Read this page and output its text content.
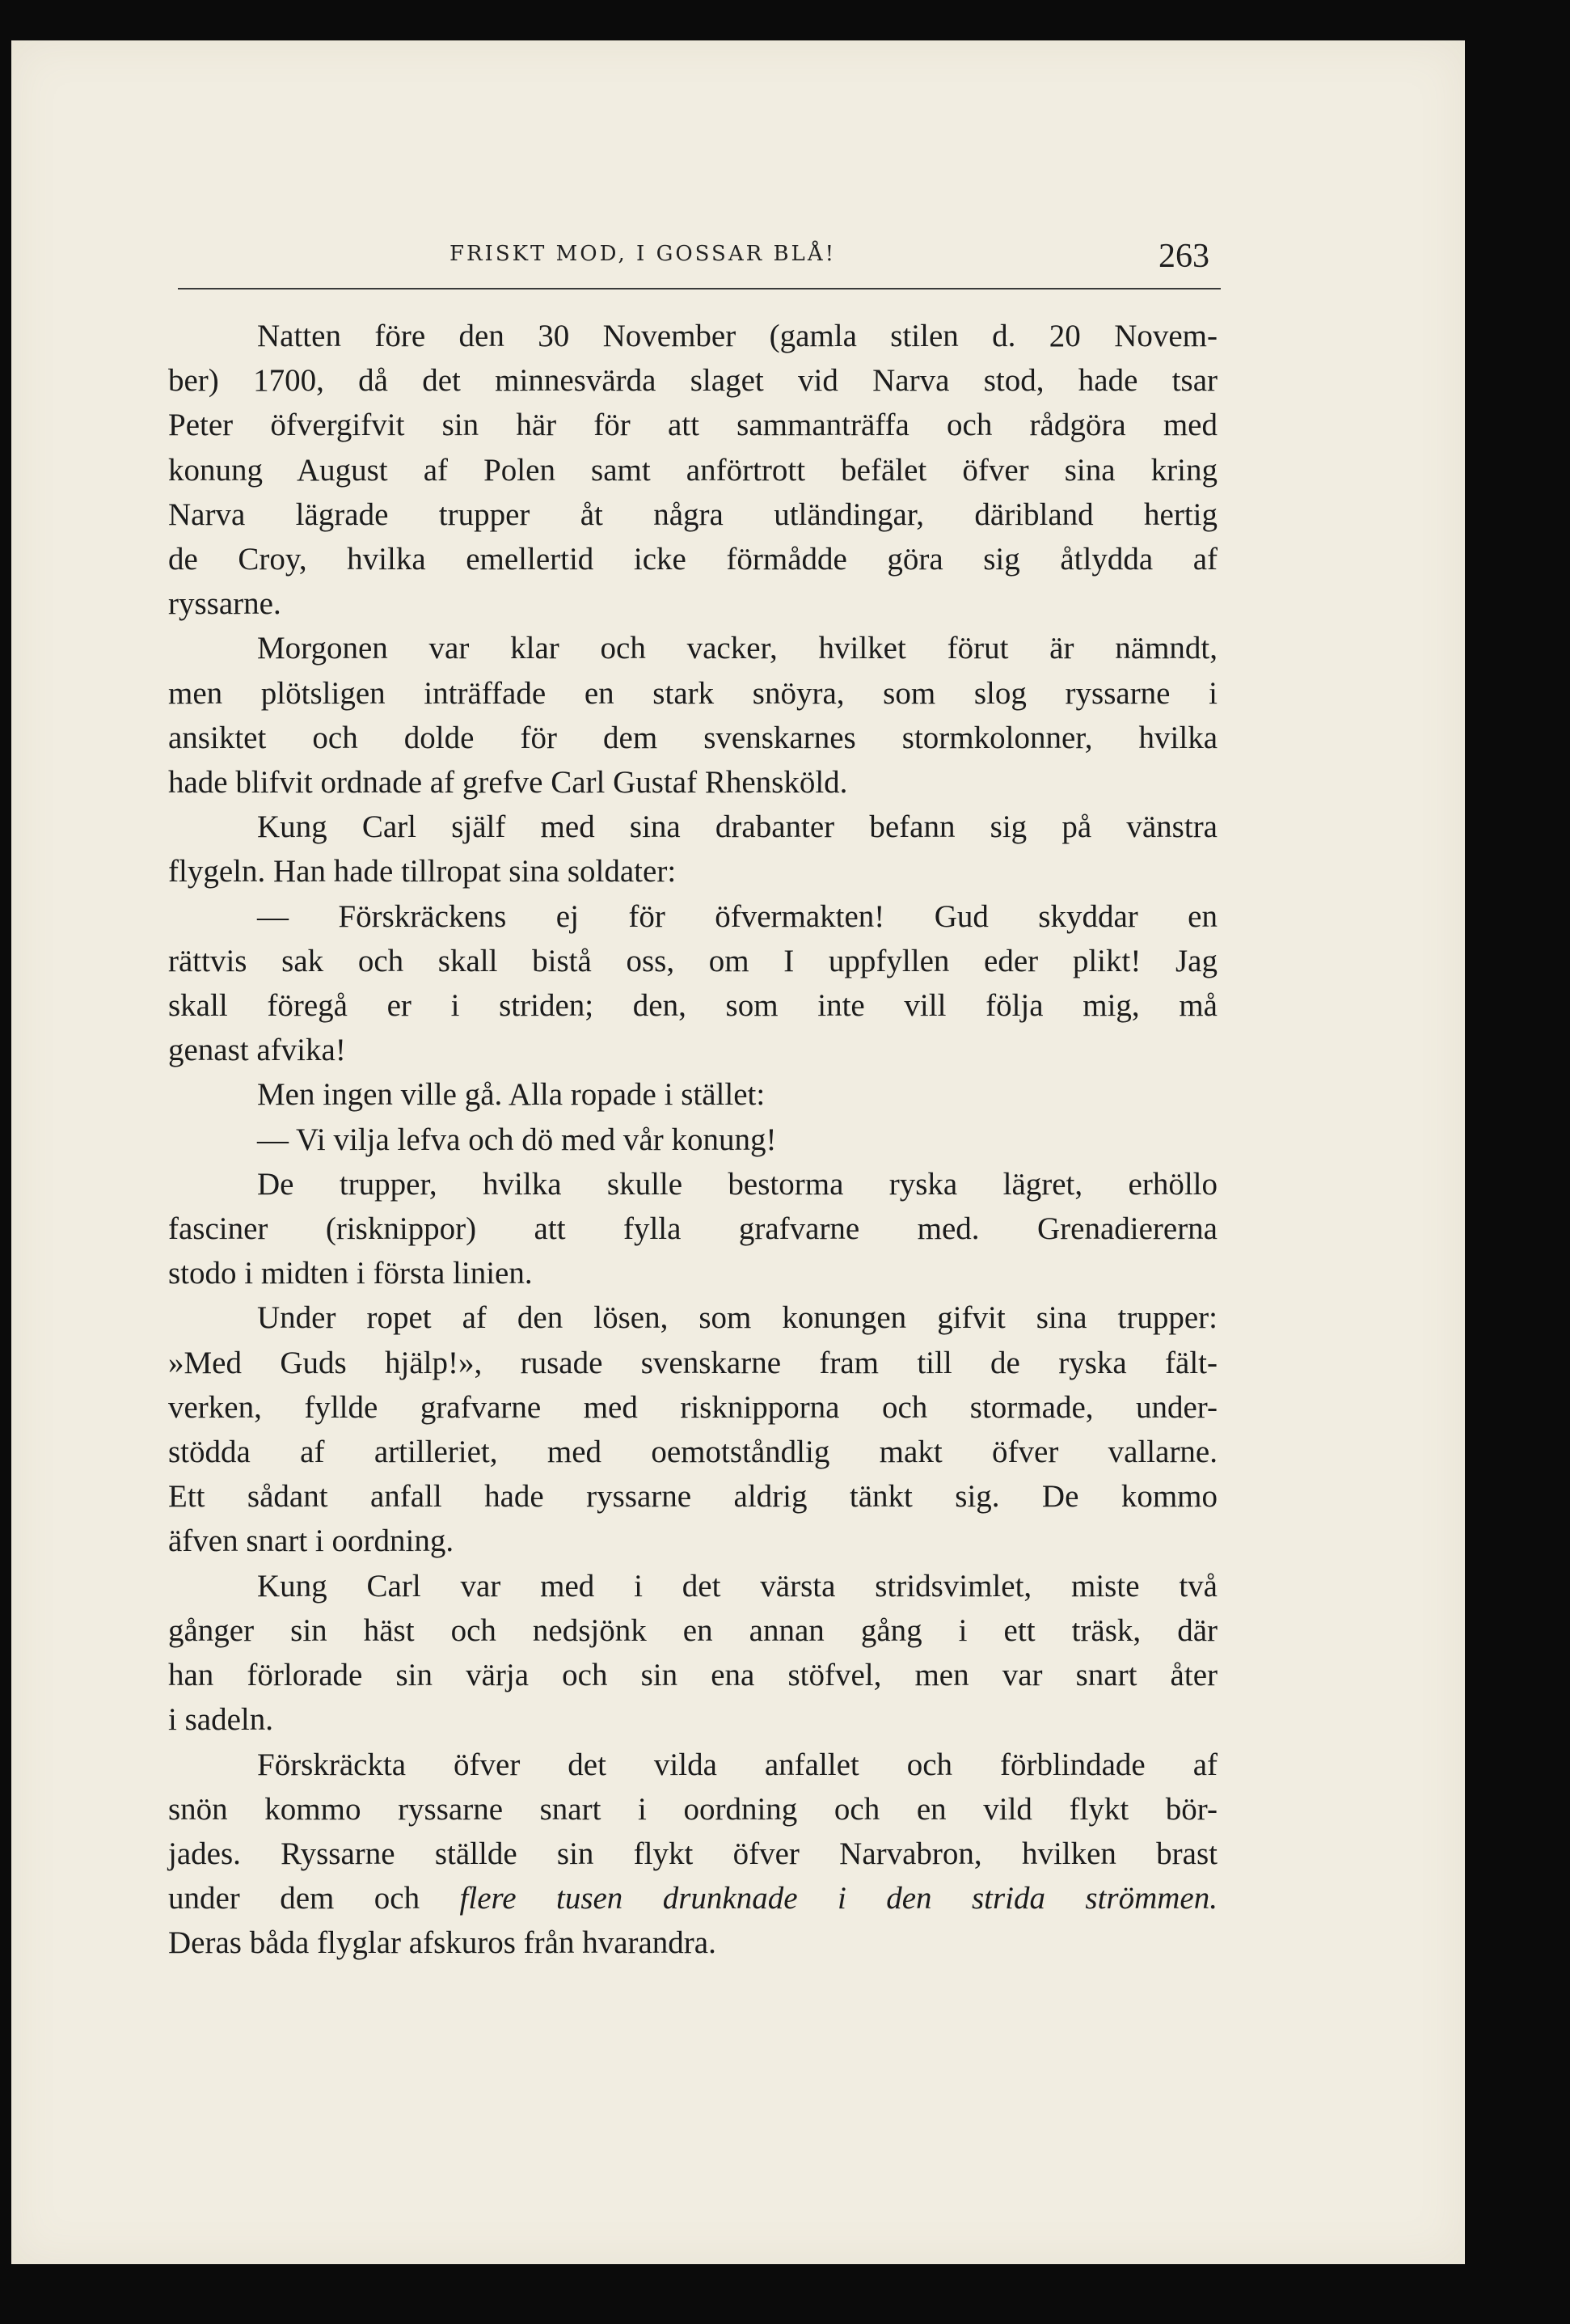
FRISKT MOD, I GOSSAR BLÅ!	263

Natten före den 30 November (gamla stilen d. 20 Novem-
ber) 1700, då det minnesvärda slaget vid Narva stod, hade tsar
Peter öfvergifvit sin här för att sammanträffa och rådgöra med
konung August af Polen samt anförtrott befälet öfver sina kring
Narva lägrade trupper åt några utländingar, däribland hertig
de Croy, hvilka emellertid icke förmådde göra sig åtlydda af
ryssarne.

Morgonen var klar och vacker, hvilket förut är nämndt,
men plötsligen inträffade en stark snöyra, som slog ryssarne i
ansiktet och dolde för dem svenskarnes stormkolonner, hvilka
hade blifvit ordnade af grefve Carl Gustaf Rhensköld.

Kung Carl själf med sina drabanter befann sig på vänstra
flygeln. Han hade tillropat sina soldater:

— Förskräckens ej för öfvermakten! Gud skyddar en
rättvis sak och skall bistå oss, om I uppfyllen eder plikt! Jag
skall föregå er i striden; den, som inte vill följa mig, må
genast afvika!

Men ingen ville gå. Alla ropade i stället:

— Vi vilja lefva och dö med vår konung!

De trupper, hvilka skulle bestorma ryska lägret, erhöllo
fasciner (risknippor) att fylla grafvarne med. Grenadiererna
stodo i midten i första linien.

Under ropet af den lösen, som konungen gifvit sina trupper:
»Med Guds hjälp!», rusade svenskarne fram till de ryska fält-
verken, fyllde grafvarne med risknipporna och stormade, under-
stödda af artilleriet, med oemotståndlig makt öfver vallarne.
Ett sådant anfall hade ryssarne aldrig tänkt sig. De kommo
äfven snart i oordning.

Kung Carl var med i det värsta stridsvimlet, miste två
gånger sin häst och nedsjönk en annan gång i ett träsk, där
han förlorade sin värja och sin ena stöfvel, men var snart åter
i sadeln.

Förskräckta öfver det vilda anfallet och förblindade af
snön kommo ryssarne snart i oordning och en vild flykt bör-
jades. Ryssarne ställde sin flykt öfver Narvabron, hvilken brast
under dem och flere tusen drunknade i den strida strömmen.
Deras båda flyglar afskuros från hvarandra.
